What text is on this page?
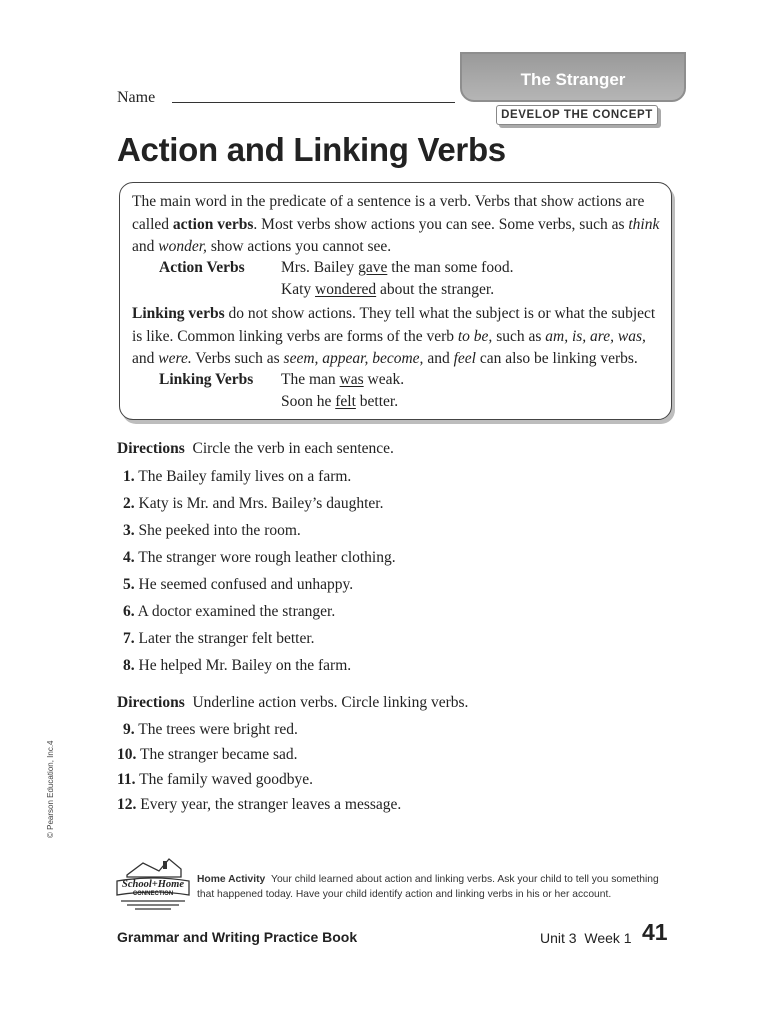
Name
The Stranger
DEVELOP THE CONCEPT
Action and Linking Verbs
The main word in the predicate of a sentence is a verb. Verbs that show actions are called action verbs. Most verbs show actions you can see. Some verbs, such as think and wonder, show actions you cannot see.
Action Verbs Mrs. Bailey gave the man some food.
Katy wondered about the stranger.
Linking verbs do not show actions. They tell what the subject is or what the subject is like. Common linking verbs are forms of the verb to be, such as am, is, are, was, and were. Verbs such as seem, appear, become, and feel can also be linking verbs.
Linking Verbs The man was weak.
Soon he felt better.
Directions Circle the verb in each sentence.
1. The Bailey family lives on a farm.
2. Katy is Mr. and Mrs. Bailey’s daughter.
3. She peeked into the room.
4. The stranger wore rough leather clothing.
5. He seemed confused and unhappy.
6. A doctor examined the stranger.
7. Later the stranger felt better.
8. He helped Mr. Bailey on the farm.
Directions Underline action verbs. Circle linking verbs.
9. The trees were bright red.
10. The stranger became sad.
11. The family waved goodbye.
12. Every year, the stranger leaves a message.
© Pearson Education, Inc.4
School+Home
CONNECTION
Home Activity Your child learned about action and linking verbs. Ask your child to tell you something that happened today. Have your child identify action and linking verbs in his or her account.
Grammar and Writing Practice Book	Unit 3  Week 1 41
